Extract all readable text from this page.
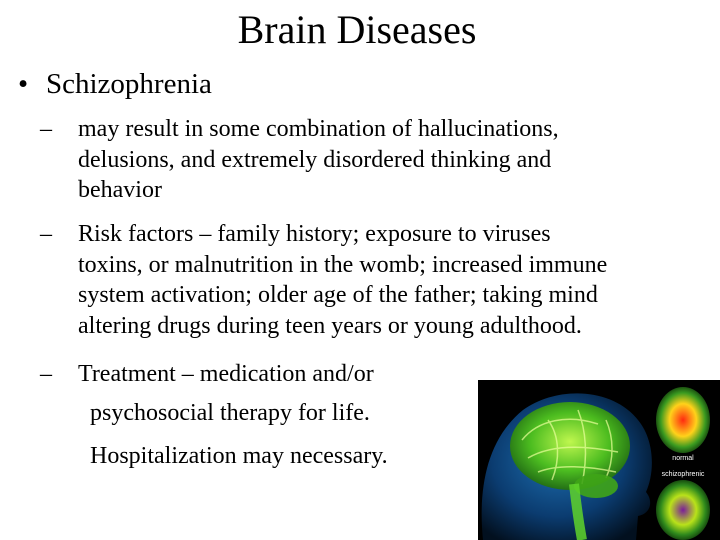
Brain Diseases
• Schizophrenia
– may result in some combination of hallucinations,
delusions, and extremely disordered thinking and
behavior
– Risk factors – family history; exposure to viruses
toxins, or malnutrition in the womb; increased immune
system activation; older age of the father; taking mind
altering drugs during teen years or young adulthood.
– Treatment – medication and/or
psychosocial therapy for life.
Hospitalization may necessary.	normal
schizophrenic
